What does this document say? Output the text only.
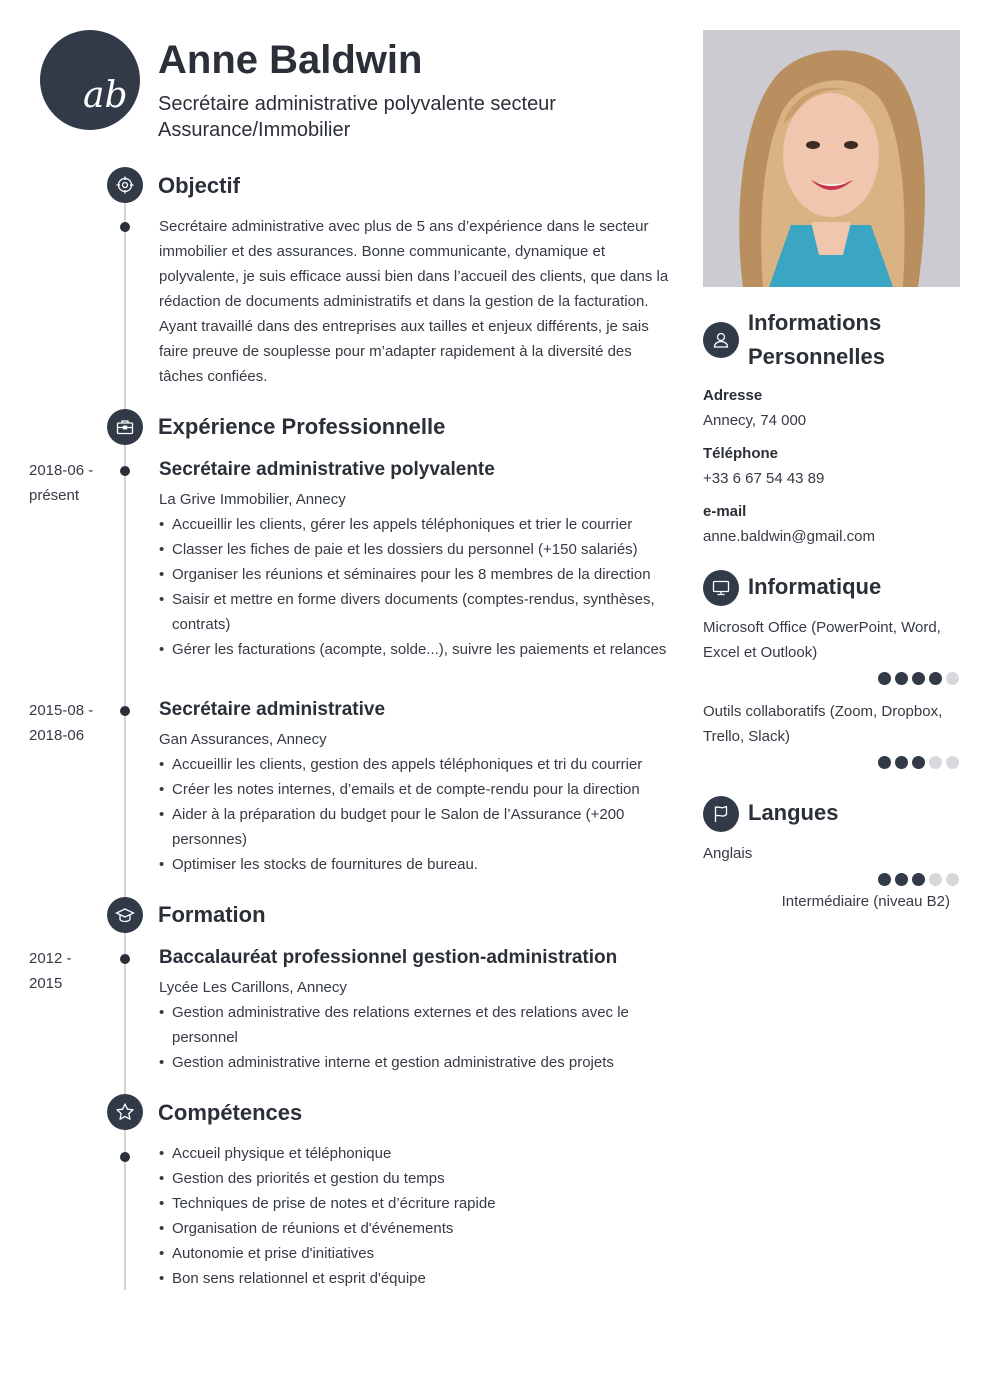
ab
Anne Baldwin
Secrétaire administrative polyvalente secteur Assurance/Immobilier
Objectif
Secrétaire administrative avec plus de 5 ans d’expérience dans le secteur immobilier et des assurances. Bonne communicante, dynamique et polyvalente, je suis efficace aussi bien dans l’accueil des clients, que dans la rédaction de documents administratifs et dans la gestion de la facturation. Ayant travaillé dans des entreprises aux tailles et enjeux différents, je sais faire preuve de souplesse pour m’adapter rapidement à la diversité des tâches confiées.
Expérience Professionnelle
2018-06 -
présent
Secrétaire administrative polyvalente
La Grive Immobilier, Annecy
• Accueillir les clients, gérer les appels téléphoniques et trier le courrier
• Classer les fiches de paie et les dossiers du personnel (+150 salariés)
• Organiser les réunions et séminaires pour les 8 membres de la direction
• Saisir et mettre en forme divers documents (comptes-rendus, synthèses, contrats)
• Gérer les facturations (acompte, solde...), suivre les paiements et relances
2015-08 -
2018-06
Secrétaire administrative
Gan Assurances, Annecy
• Accueillir les clients, gestion des appels téléphoniques et tri du courrier
• Créer les notes internes, d’emails et de compte-rendu pour la direction
• Aider à la préparation du budget pour le Salon de l’Assurance (+200 personnes)
• Optimiser les stocks de fournitures de bureau.
Formation
2012 -
2015
Baccalauréat professionnel gestion-administration
Lycée Les Carillons, Annecy
• Gestion administrative des relations externes et des relations avec le personnel
• Gestion administrative interne et gestion administrative des projets
Compétences
• Accueil physique et téléphonique
• Gestion des priorités et gestion du temps
• Techniques de prise de notes et d’écriture rapide
• Organisation de réunions et d'événements
• Autonomie et prise d'initiatives
• Bon sens relationnel et esprit d'équipe
Informations
Personnelles
Adresse
Annecy, 74 000
Téléphone
+33 6 67 54 43 89
e-mail
anne.baldwin@gmail.com
Informatique
Microsoft Office (PowerPoint, Word, Excel et Outlook)
Outils collaboratifs (Zoom, Dropbox, Trello, Slack)
Langues
Anglais
Intermédiaire (niveau B2)
